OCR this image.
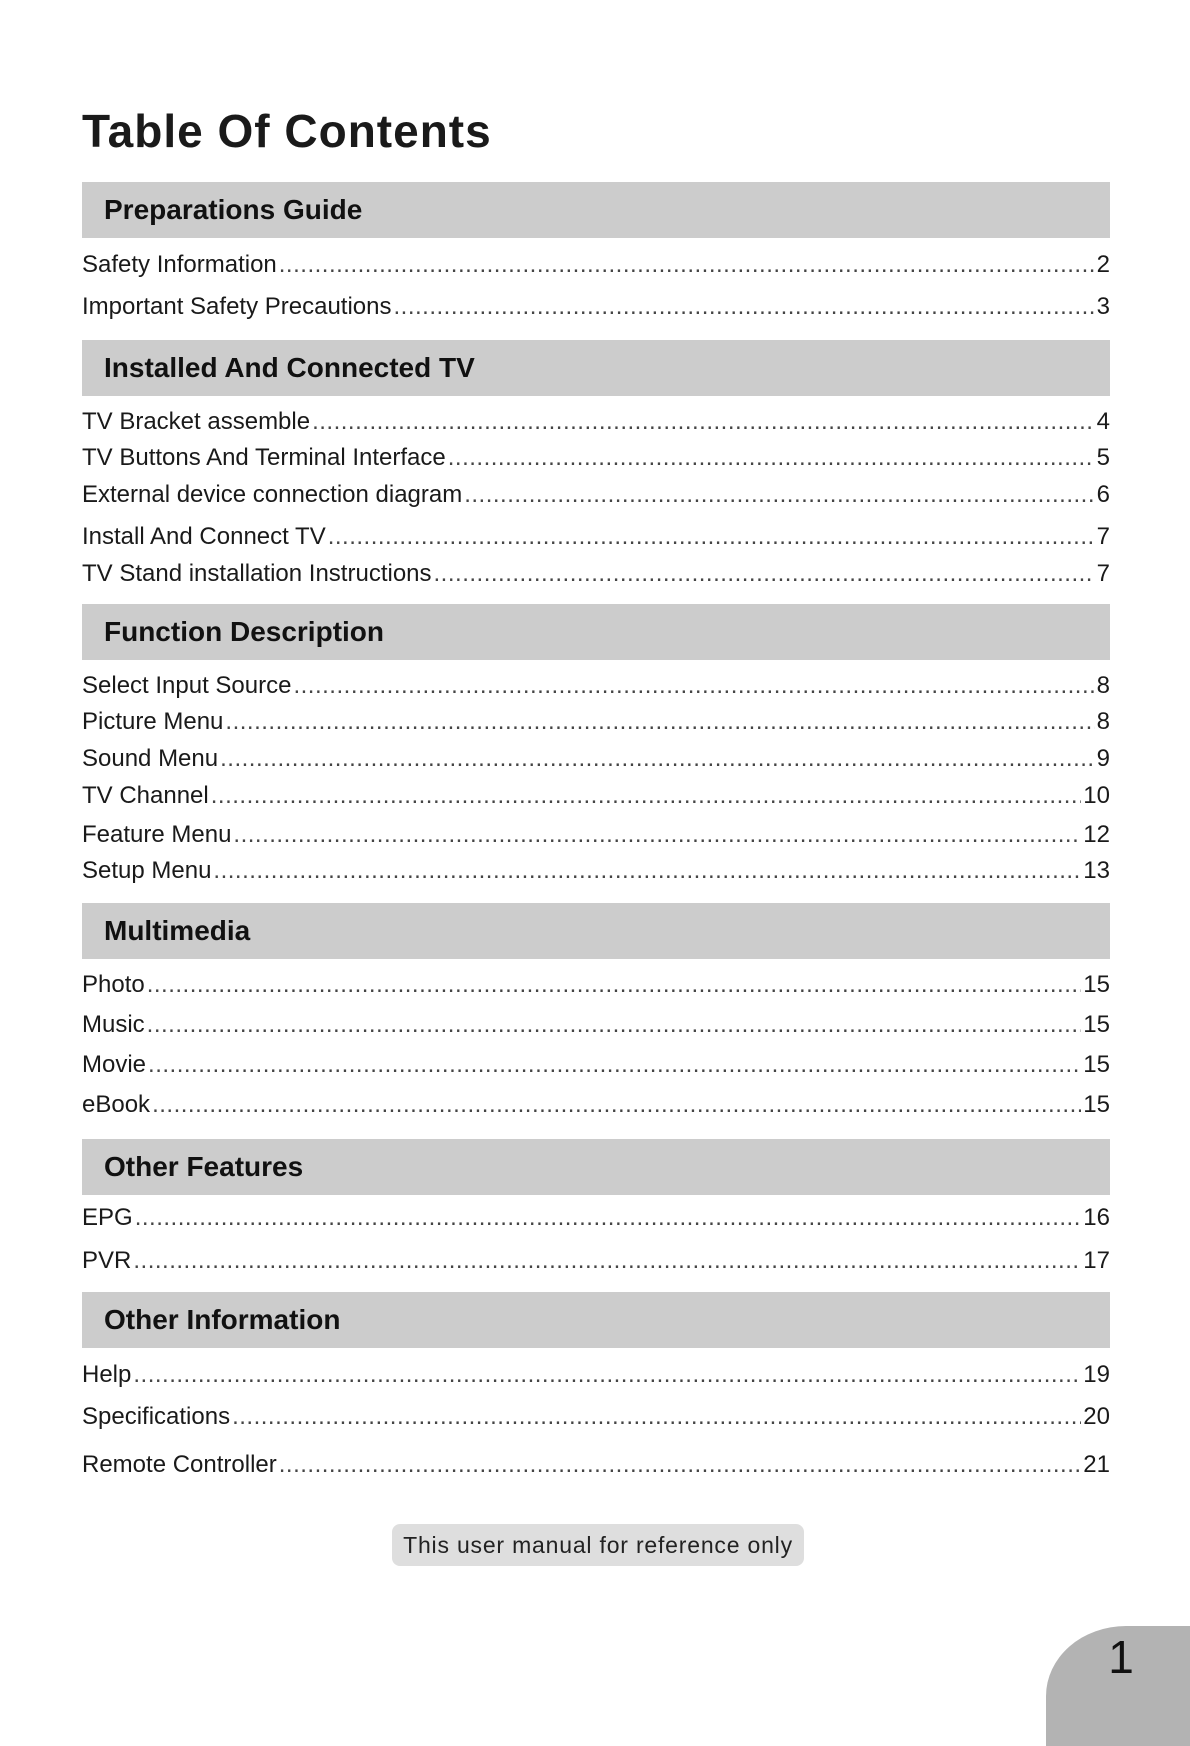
Table Of Contents
Preparations Guide
Safety Information .....	2
Important Safety Precautions .....	3
Installed And Connected TV
TV Bracket assemble .....	4
TV Buttons And Terminal Interface .....	5
External device connection diagram .....	6
Install And Connect TV .....	7
TV Stand installation Instructions .....	7
Function Description
Select Input Source .....	8
Picture Menu .....	8
Sound Menu .....	9
TV Channel .....	10
Feature Menu .....	12
Setup Menu .....	13
Multimedia
Photo .....	15
Music .....	15
Movie .....	15
eBook .....	15
Other Features
EPG .....	16
PVR .....	17
Other Information
Help .....	19
Specifications .....	20
Remote Controller .....	21
This user manual for reference only
1
